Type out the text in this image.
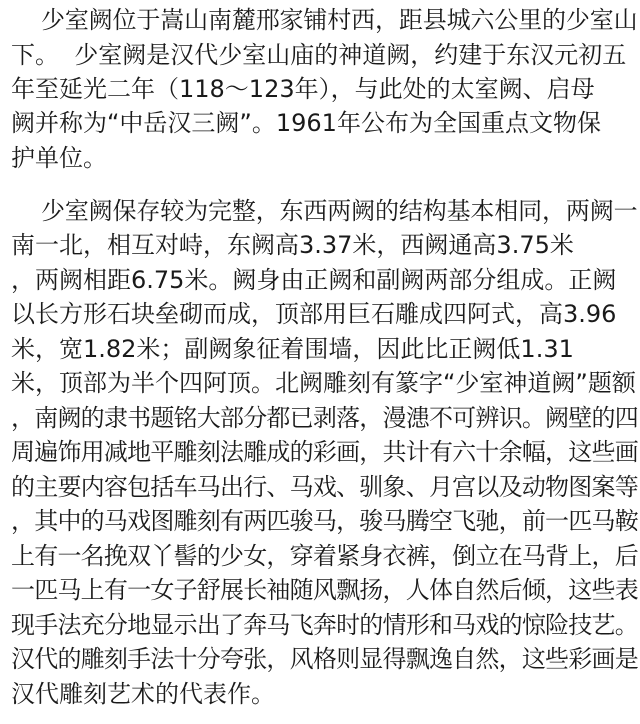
少室阙位于嵩山南麓邢家铺村西，距县城六公里的少室山
下。  少室阙是汉代少室山庙的神道阙，约建于东汉元初五
年至延光二年（118～123年），与此处的太室阙、启母
阙并称为“中岳汉三阙”。1961年公布为全国重点文物保
护单位。
少室阙保存较为完整，东西两阙的结构基本相同，两阙一
南一北，相互对峙，东阙高3.37米，西阙通高3.75米
，两阙相距6.75米。阙身由正阙和副阙两部分组成。正阙
以长方形石块垒砌而成，顶部用巨石雕成四阿式，高3.96
米，宽1.82米；副阙象征着围墙，因此比正阙低1.31
米，顶部为半个四阿顶。北阙雕刻有篆字“少室神道阙”题额
，南阙的隶书题铭大部分都已剥落，漫漶不可辨识。阙壁的四
周遍饰用减地平雕刻法雕成的彩画，共计有六十余幅，这些画
的主要内容包括车马出行、马戏、驯象、月宫以及动物图案等
，其中的马戏图雕刻有两匹骏马，骏马腾空飞驰，前一匹马鞍
上有一名挽双丫髻的少女，穿着紧身衣裤，倒立在马背上，后
一匹马上有一女子舒展长袖随风飘扬，人体自然后倾，这些表
现手法充分地显示出了奔马飞奔时的情形和马戏的惊险技艺。
汉代的雕刻手法十分夸张，风格则显得飘逸自然，这些彩画是
汉代雕刻艺术的代表作。
